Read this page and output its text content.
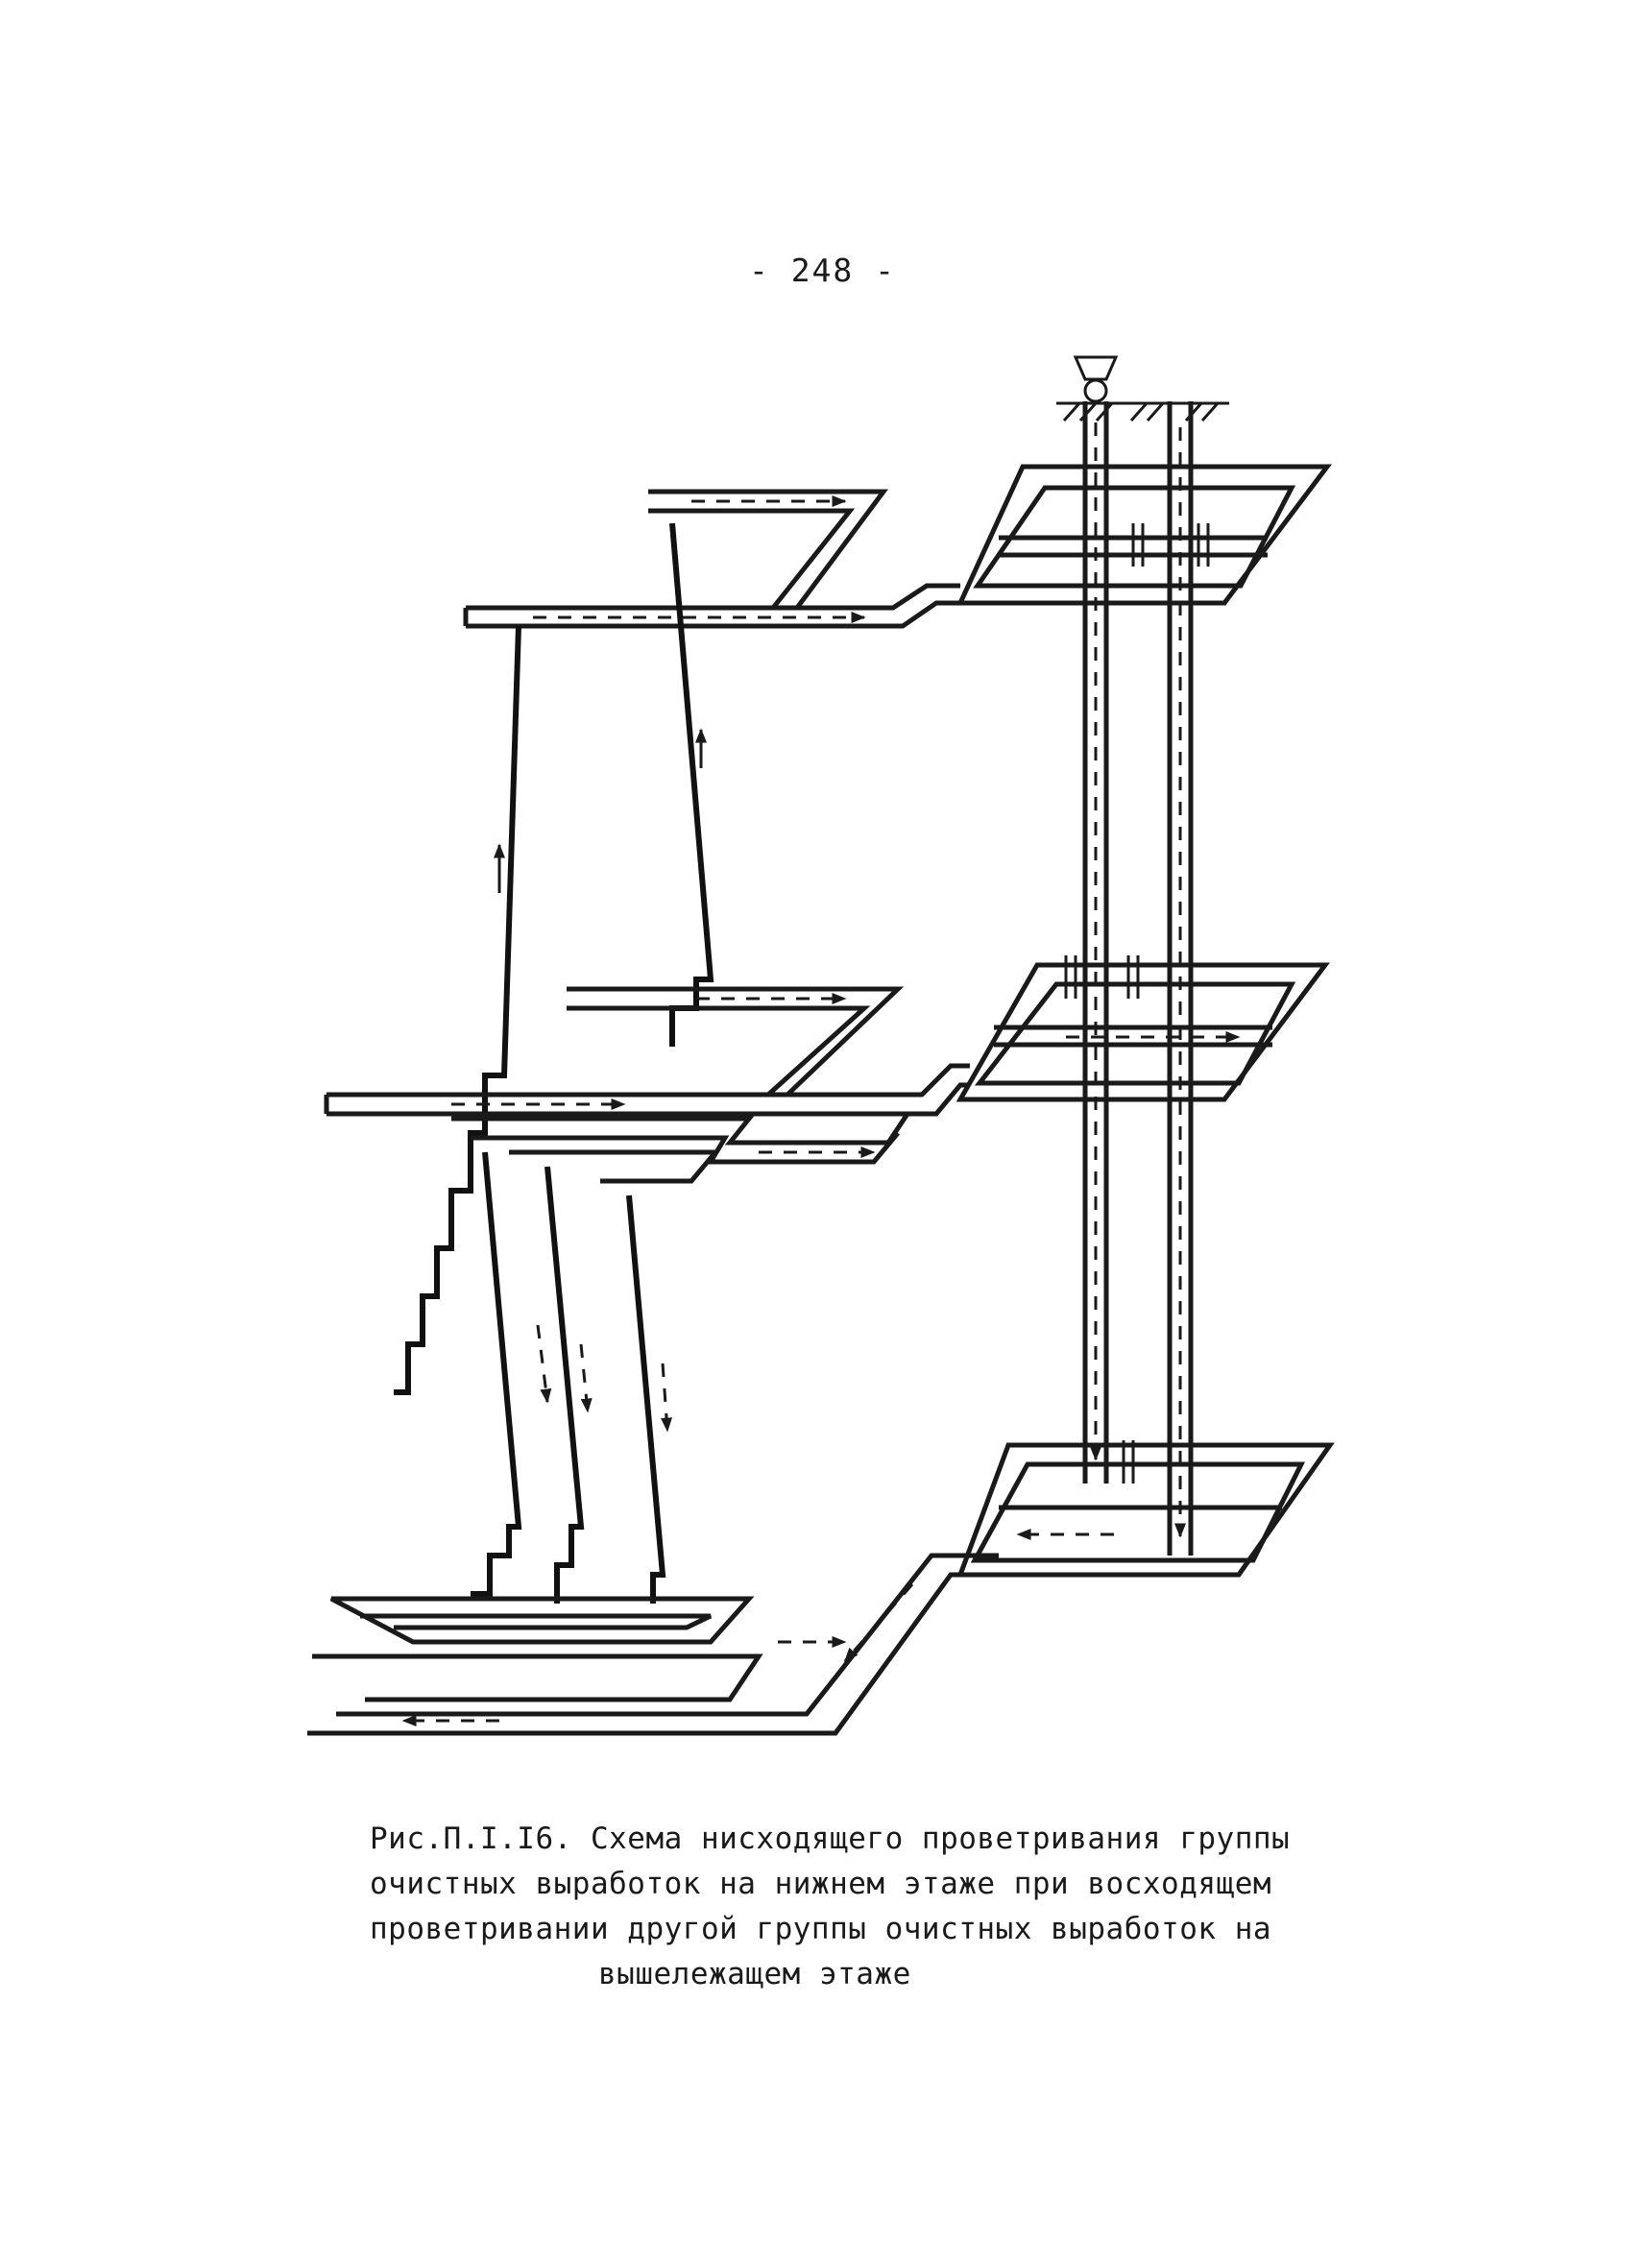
- 248 -
Рис.П.I.I6. Схема нисходящего проветривания группы
очистных выработок на нижнем этаже при восходящем
проветривании другой группы очистных выработок на
вышележащем этаже
